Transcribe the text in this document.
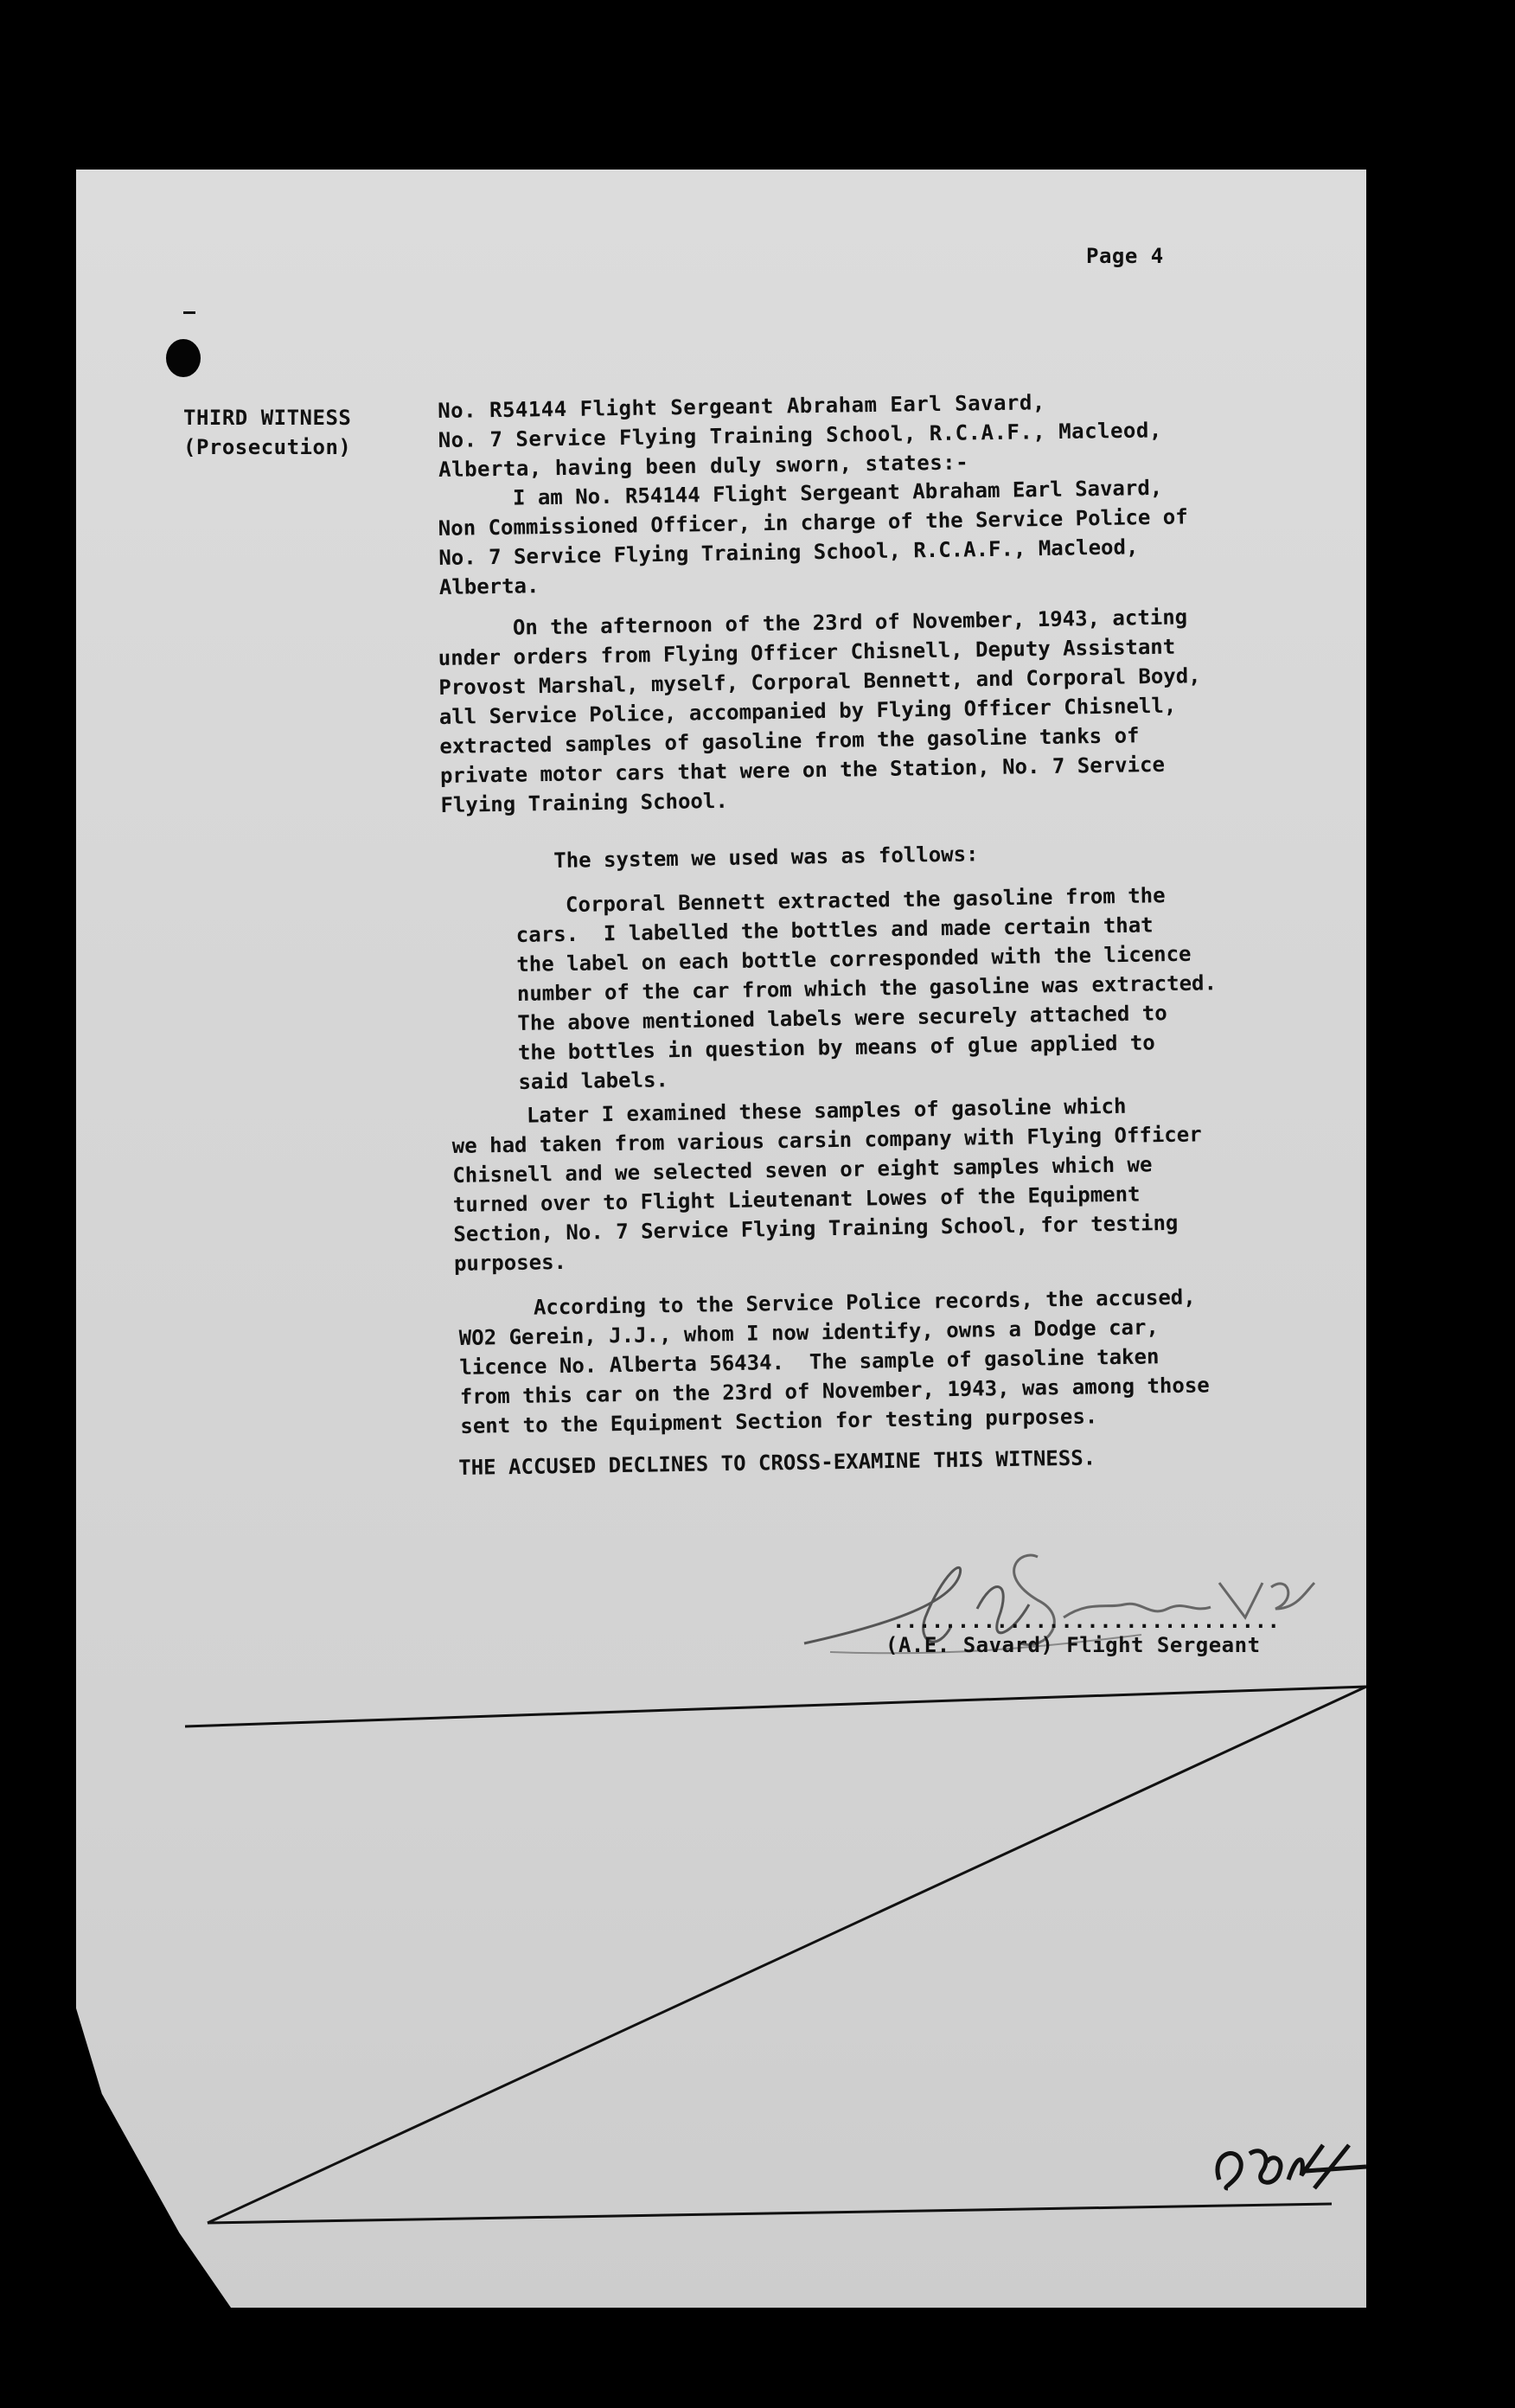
Page 4
THIRD WITNESS
(Prosecution)
No. R54144 Flight Sergeant Abraham Earl Savard,
No. 7 Service Flying Training School, R.C.A.F., Macleod,
Alberta, having been duly sworn, states:-
I am No. R54144 Flight Sergeant Abraham Earl Savard,
Non Commissioned Officer, in charge of the Service Police of
No. 7 Service Flying Training School, R.C.A.F., Macleod,
Alberta.
On the afternoon of the 23rd of November, 1943, acting
under orders from Flying Officer Chisnell, Deputy Assistant
Provost Marshal, myself, Corporal Bennett, and Corporal Boyd,
all Service Police, accompanied by Flying Officer Chisnell,
extracted samples of gasoline from the gasoline tanks of
private motor cars that were on the Station, No. 7 Service
Flying Training School.
The system we used was as follows:
Corporal Bennett extracted the gasoline from the
cars.  I labelled the bottles and made certain that
the label on each bottle corresponded with the licence
number of the car from which the gasoline was extracted.
The above mentioned labels were securely attached to
the bottles in question by means of glue applied to
said labels.
Later I examined these samples of gasoline which
we had taken from various carsin company with Flying Officer
Chisnell and we selected seven or eight samples which we
turned over to Flight Lieutenant Lowes of the Equipment
Section, No. 7 Service Flying Training School, for testing
purposes.
According to the Service Police records, the accused,
WO2 Gerein, J.J., whom I now identify, owns a Dodge car,
licence No. Alberta 56434.  The sample of gasoline taken
from this car on the 23rd of November, 1943, was among those
sent to the Equipment Section for testing purposes.
THE ACCUSED DECLINES TO CROSS-EXAMINE THIS WITNESS.
..............................
(A.E. Savard) Flight Sergeant
